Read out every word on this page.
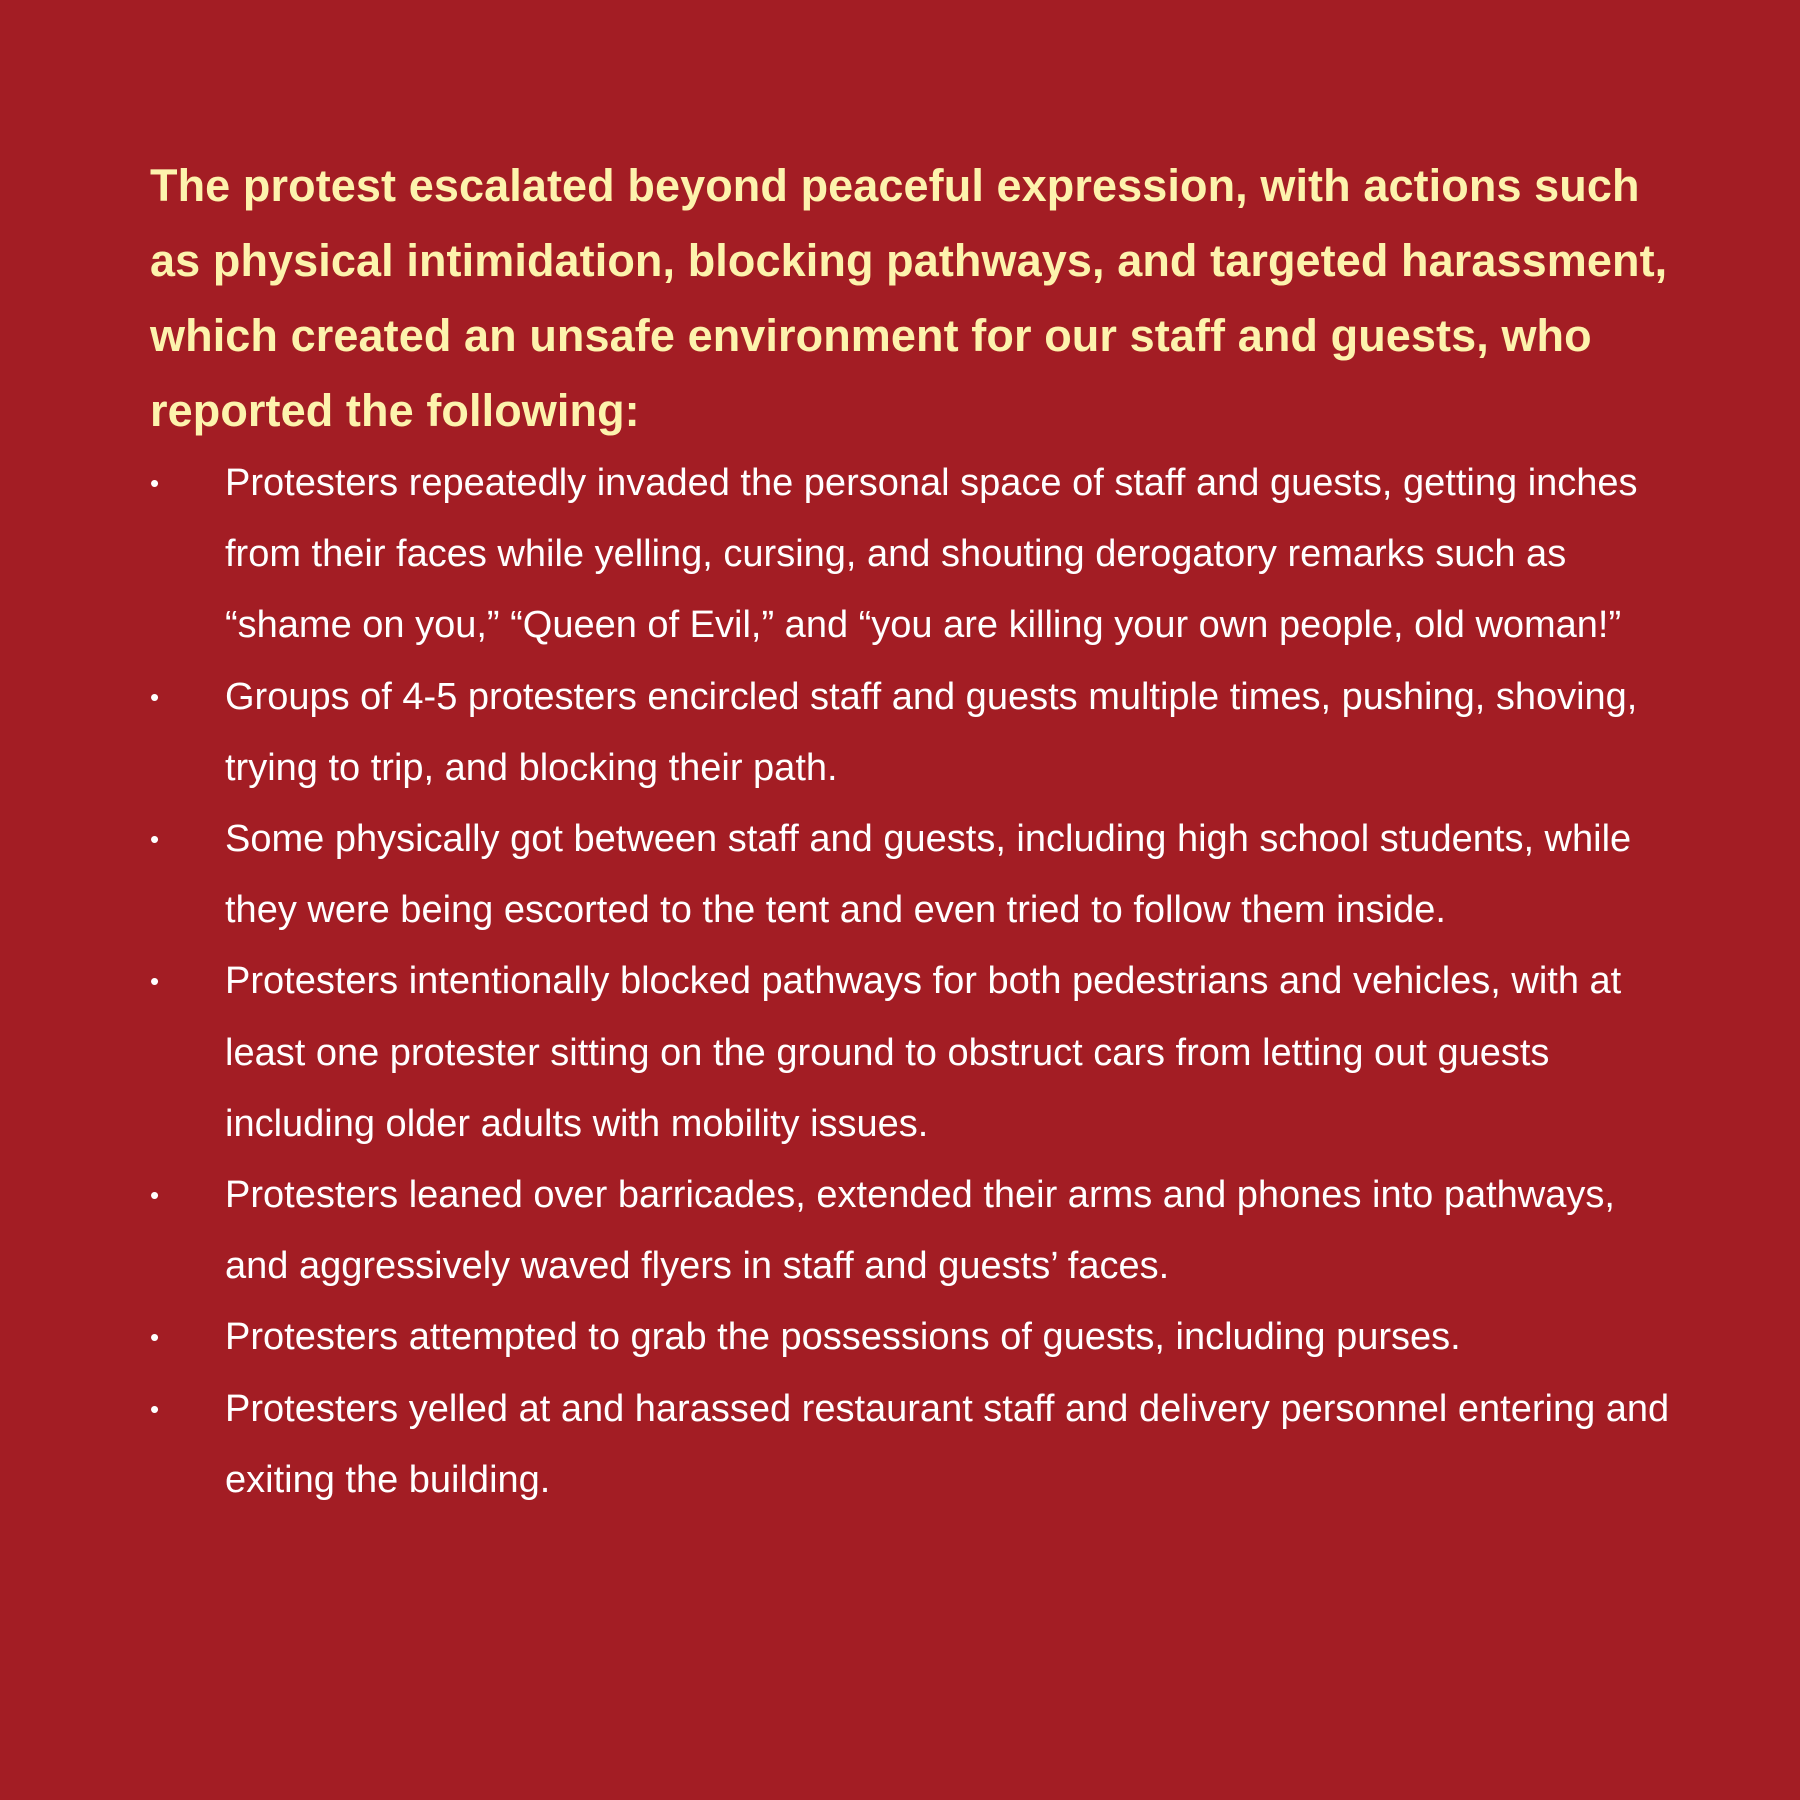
The protest escalated beyond peaceful expression, with actions such as physical intimidation, blocking pathways, and targeted harassment, which created an unsafe environment for our staff and guests, who reported the following:

•	Protesters repeatedly invaded the personal space of staff and guests, getting inches from their faces while yelling, cursing, and shouting derogatory remarks such as “shame on you,” “Queen of Evil,” and “you are killing your own people, old woman!”
•	Groups of 4-5 protesters encircled staff and guests multiple times, pushing, shoving, trying to trip, and blocking their path.
•	Some physically got between staff and guests, including high school students, while they were being escorted to the tent and even tried to follow them inside.
•	Protesters intentionally blocked pathways for both pedestrians and vehicles, with at least one protester sitting on the ground to obstruct cars from letting out guests including older adults with mobility issues.
•	Protesters leaned over barricades, extended their arms and phones into pathways, and aggressively waved flyers in staff and guests’ faces.
•	Protesters attempted to grab the possessions of guests, including purses.
•	Protesters yelled at and harassed restaurant staff and delivery personnel entering and exiting the building.
